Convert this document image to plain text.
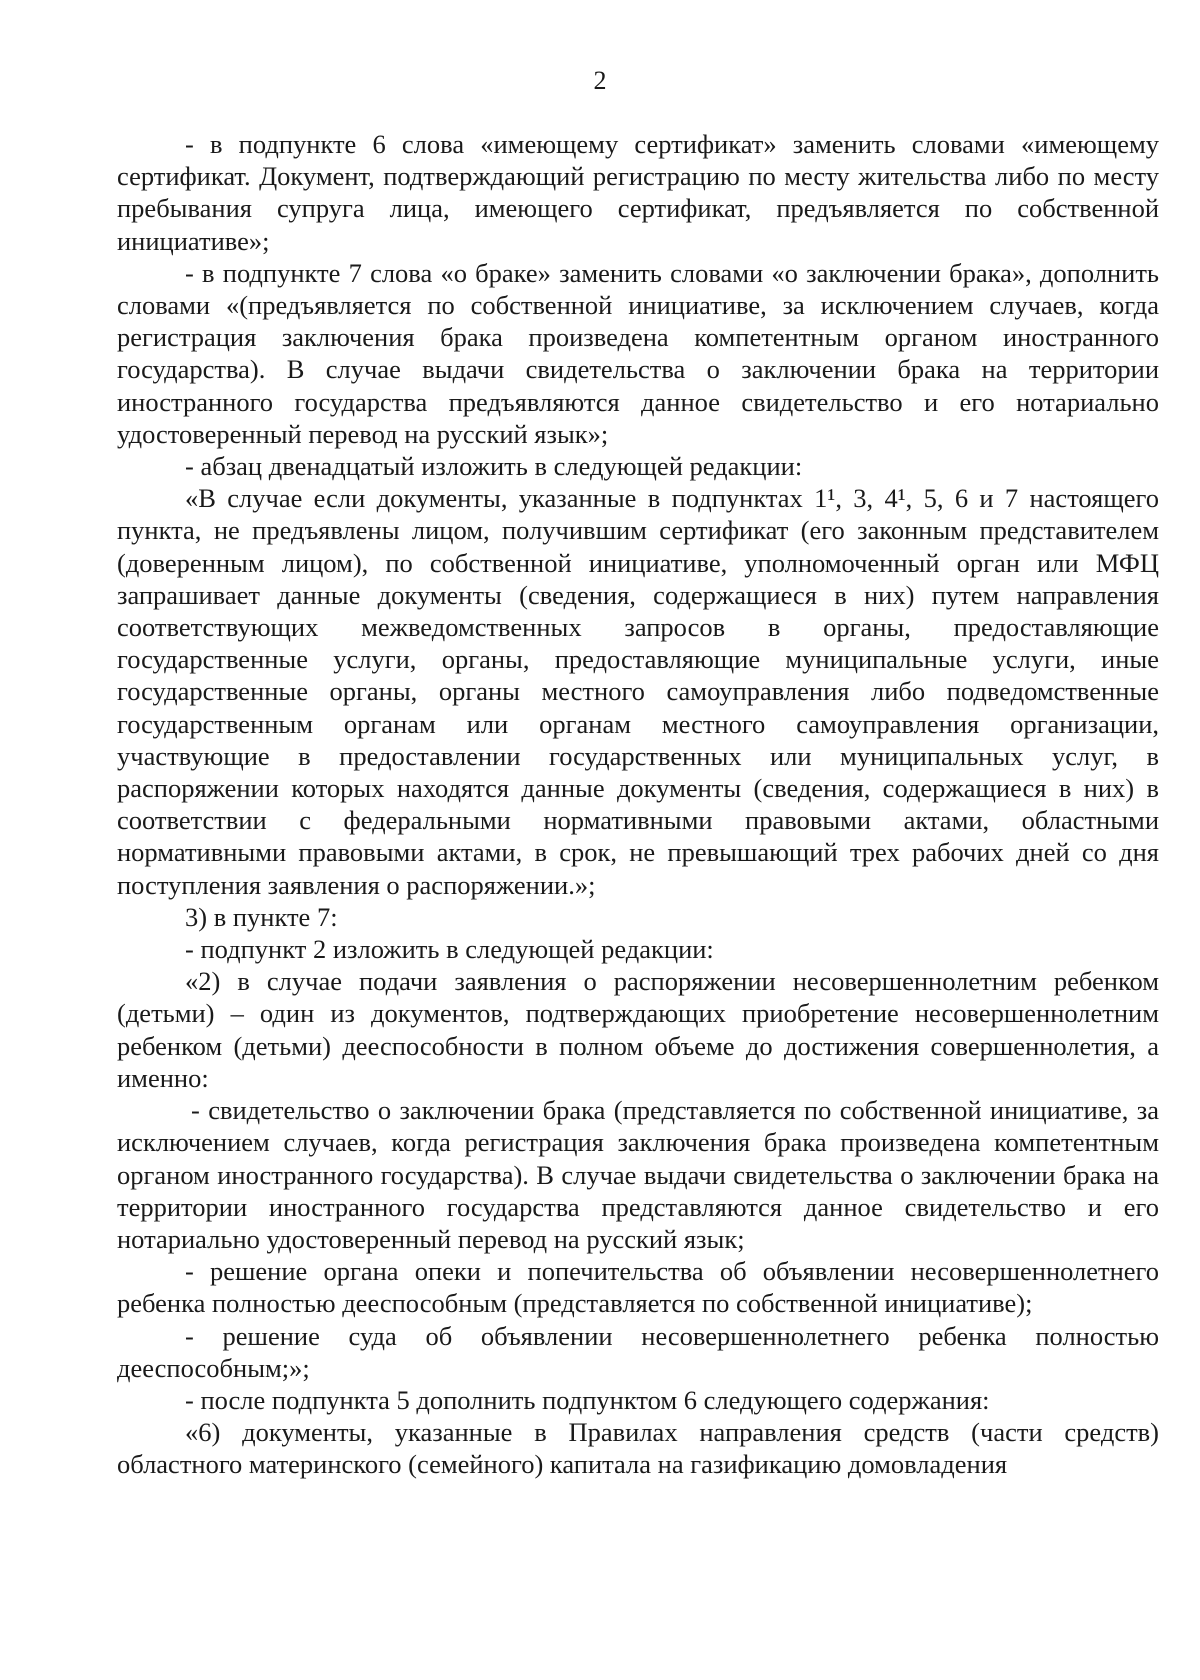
2

- в подпункте 6 слова «имеющему сертификат» заменить словами «имеющему сертификат. Документ, подтверждающий регистрацию по месту жительства либо по месту пребывания супруга лица, имеющего сертификат, предъявляется по собственной инициативе»;

- в подпункте 7 слова «о браке» заменить словами «о заключении брака», дополнить словами «(предъявляется по собственной инициативе, за исключением случаев, когда регистрация заключения брака произведена компетентным органом иностранного государства). В случае выдачи свидетельства о заключении брака на территории иностранного государства предъявляются данное свидетельство и его нотариально удостоверенный перевод на русский язык»;

- абзац двенадцатый изложить в следующей редакции:

«В случае если документы, указанные в подпунктах 1¹, 3, 4¹, 5, 6 и 7 настоящего пункта, не предъявлены лицом, получившим сертификат (его законным представителем (доверенным лицом), по собственной инициативе, уполномоченный орган или МФЦ запрашивает данные документы (сведения, содержащиеся в них) путем направления соответствующих межведомственных запросов в органы, предоставляющие государственные услуги, органы, предоставляющие муниципальные услуги, иные государственные органы, органы местного самоуправления либо подведомственные государственным органам или органам местного самоуправления организации, участвующие в предоставлении государственных или муниципальных услуг, в распоряжении которых находятся данные документы (сведения, содержащиеся в них) в соответствии с федеральными нормативными правовыми актами, областными нормативными правовыми актами, в срок, не превышающий трех рабочих дней со дня поступления заявления о распоряжении.»;

3) в пункте 7:

- подпункт 2 изложить в следующей редакции:

«2) в случае подачи заявления о распоряжении несовершеннолетним ребенком (детьми) – один из документов, подтверждающих приобретение несовершеннолетним ребенком (детьми) дееспособности в полном объеме до достижения совершеннолетия, а именно:

- свидетельство о заключении брака (представляется по собственной инициативе, за исключением случаев, когда регистрация заключения брака произведена компетентным органом иностранного государства). В случае выдачи свидетельства о заключении брака на территории иностранного государства представляются данное свидетельство и его нотариально удостоверенный перевод на русский язык;

- решение органа опеки и попечительства об объявлении несовершеннолетнего ребенка полностью дееспособным (представляется по собственной инициативе);

- решение суда об объявлении несовершеннолетнего ребенка полностью дееспособным;»;

- после подпункта 5 дополнить подпунктом 6 следующего содержания:

«6) документы, указанные в Правилах направления средств (части средств) областного материнского (семейного) капитала на газификацию домовладения
